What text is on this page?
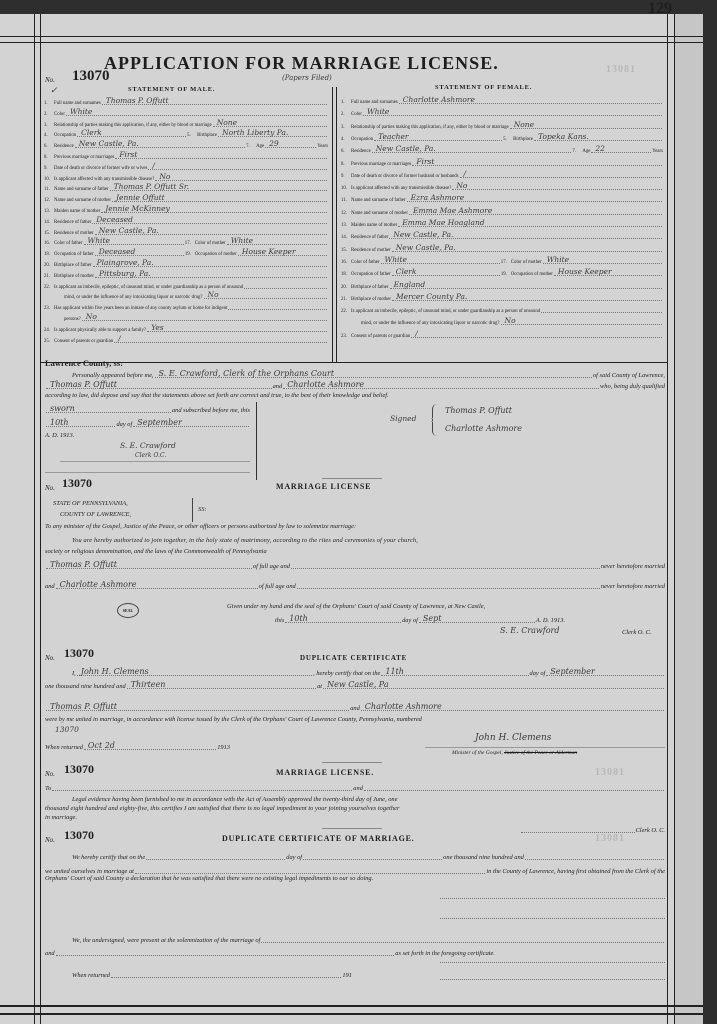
129
APPLICATION FOR MARRIAGE LICENSE.
(Papers Filed)
No. 13070
✓
13081
STATEMENT OF MALE.	STATEMENT OF FEMALE.
1.	Full name and surnames Thomas P. Offutt
2.	Color White
3.	Relationship of parties making this application, if any, either by blood or marriage None
4.	Occupation Clerk	5.	Birthplace North Liberty Pa.
6.	Residence New Castle, Pa.	7.	Age 29	Years
8.	Previous marriage or marriages First
9.	Date of death or divorce of former wife or wives /
10. Is applicant affected with any transmissible disease? No
11. Name and surname of father Thomas P. Offutt Sr.
12. Name and surname of mother Jennie Offutt
13. Maiden name of mother Jennie McKinney
14. Residence of father Deceased
15. Residence of mother New Castle, Pa.
16. Color of father White	17. Color of mother White
18. Occupation of father Deceased	19. Occupation of mother House Keeper
20. Birthplace of father Plaingrove, Pa.
21. Birthplace of mother Pittsburg, Pa.
22. Is applicant an imbecile, epileptic, of unsound mind, or under guardianship as a person of unsound
mind, or under the influence of any intoxicating liquor or narcotic drug? No
23. Has applicant within five years been an inmate of any county asylum or home for indigent
persons? No
24. Is applicant physically able to support a family? Yes
25. Consent of parents or guardian /
1.	Full name and surnames Charlotte Ashmore
2.	Color White
3.	Relationship of parties making this application, if any, either by blood or marriage None
4.	Occupation Teacher	5.	Birthplace Topeka Kans.
6.	Residence New Castle, Pa.	7.	Age 22	Years
8.	Previous marriage or marriages First
9.	Date of death or divorce of former husband or husbands /
10. Is applicant affected with any transmissible disease? No
11. Name and surname of father Ezra Ashmore
12. Name and surname of mother Emma Mae Ashmore
13. Maiden name of mother Emma Mae Hoagland
14. Residence of father New Castle, Pa.
15. Residence of mother New Castle, Pa.
16. Color of father White	17. Color of mother White
18. Occupation of father Clerk	19. Occupation of mother House Keeper
20. Birthplace of father England
21. Birthplace of mother Mercer County Pa.
22. Is applicant an imbecile, epileptic, of unsound mind, or under guardianship as a person of unsound
mind, or under the influence of any intoxicating liquor or narcotic drug? No
23. Consent of parents or guardian /
Lawrence County, ss:
Personally appeared before me, S. E. Crawford, Clerk of the Orphans Court	of said County of Lawrence,
Thomas P. Offutt	and Charlotte Ashmore	who, being duly qualified
according to law, did depose and say that the statements above set forth are correct and true, to the best of their knowledge and belief.
sworn	and subscribed before me, this
10th	day of September
A. D. 1913.
S. E. Crawford
Clerk O.C.
Signed
Thomas P. Offutt
Charlotte Ashmore
No. 13070	MARRIAGE LICENSE
STATE OF PENNSYLVANIA,
COUNTY OF LAWRENCE,
SS:
To any minister of the Gospel, Justice of the Peace, or other officers or persons authorized by law to solemnize marriage:
You are hereby authorized to join together, in the holy state of matrimony, according to the rites and ceremonies of your church,
society or religious denomination, and the laws of the Commonwealth of Pennsylvania
Thomas P. Offutt	of full age and	never heretofore married
and Charlotte Ashmore	of full age and	never heretofore married
SEAL
Given under my hand and the seal of the Orphans' Court of said County of Lawrence, at New Castle,
this 10th	day of Sept	A. D. 1913.
S. E. Crawford	Clerk O. C.
No. 13070	DUPLICATE CERTIFICATE
I, John H. Clemens	, hereby certify that on the 11th	day of September
one thousand nine hundred and Thirteen	at New Castle, Pa
Thomas P. Offutt	and Charlotte Ashmore
were by me united in marriage, in accordance with license issued by the Clerk of the Orphans' Court of Lawrence County, Pennsylvania, numbered
13070
When returned Oct 2d	1913
John H. Clemens
Minister of the Gospel, Justice of the Peace or Alderman
No. 13070	MARRIAGE LICENSE.	13081
To	and
Legal evidence having been furnished to me in accordance with the Act of Assembly approved the twenty-third day of June, one
thousand eight hundred and eighty-five, this certifies I am satisfied that there is no legal impediment to your joining yourselves together
in marriage.
Clerk O. C.
No. 13070	DUPLICATE CERTIFICATE OF MARRIAGE.	13081
We hereby certify that on the	day of	one thousand nine hundred and
we united ourselves in marriage at	in the County of Lawrence, having first obtained from the Clerk of the
Orphans' Court of said County a declaration that he was satisfied that there were no existing legal impediments to our so doing.
We, the undersigned, were present at the solemnization of the marriage of
and	as set forth in the foregoing certificate.
When returned	191
